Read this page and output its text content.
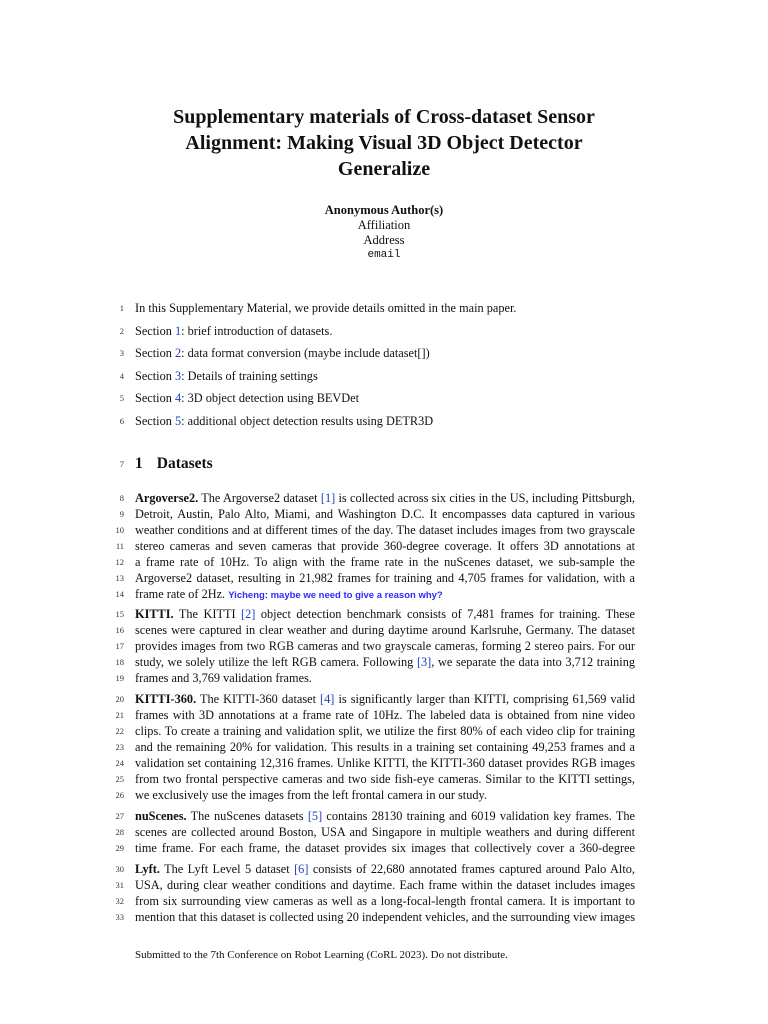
Supplementary materials of Cross-dataset Sensor
Alignment: Making Visual 3D Object Detector
Generalize
Anonymous Author(s)
Affiliation
Address
email
1
2
3
4
5
6
7
8
9
10
11
12
13
14
15
16
17
18
19
20
21
22
23
24
25
26
27
28
29
30
31
32
33
In this Supplementary Material, we provide details omitted in the main paper.
Section 1: brief introduction of datasets.
Section 2: data format conversion (maybe include dataset[])
Section 3: Details of training settings
Section 4: 3D object detection using BEVDet
Section 5: additional object detection results using DETR3D
1 Datasets
Argoverse2. The Argoverse2 dataset [1] is collected across six cities in the US, including Pittsburgh,
Detroit, Austin, Palo Alto, Miami, and Washington D.C. It encompasses data captured in various
weather conditions and at different times of the day. The dataset includes images from two grayscale
stereo cameras and seven cameras that provide 360-degree coverage. It offers 3D annotations at
a frame rate of 10Hz. To align with the frame rate in the nuScenes dataset, we sub-sample the
Argoverse2 dataset, resulting in 21,982 frames for training and 4,705 frames for validation, with a
frame rate of 2Hz. Yicheng: maybe we need to give a reason why?
KITTI. The KITTI [2] object detection benchmark consists of 7,481 frames for training. These
scenes were captured in clear weather and during daytime around Karlsruhe, Germany. The dataset
provides images from two RGB cameras and two grayscale cameras, forming 2 stereo pairs. For our
study, we solely utilize the left RGB camera. Following [3], we separate the data into 3,712 training
frames and 3,769 validation frames.
KITTI-360. The KITTI-360 dataset [4] is significantly larger than KITTI, comprising 61,569 valid
frames with 3D annotations at a frame rate of 10Hz. The labeled data is obtained from nine video
clips. To create a training and validation split, we utilize the first 80% of each video clip for training
and the remaining 20% for validation. This results in a training set containing 49,253 frames and a
validation set containing 12,316 frames. Unlike KITTI, the KITTI-360 dataset provides RGB images
from two frontal perspective cameras and two side fish-eye cameras. Similar to the KITTI settings,
we exclusively use the images from the left frontal camera in our study.
nuScenes. The nuScenes datasets [5] contains 28130 training and 6019 validation key frames. The
scenes are collected around Boston, USA and Singapore in multiple weathers and during different
time frame. For each frame, the dataset provides six images that collectively cover a 360-degree
Lyft. The Lyft Level 5 dataset [6] consists of 22,680 annotated frames captured around Palo Alto,
USA, during clear weather conditions and daytime. Each frame within the dataset includes images
from six surrounding view cameras as well as a long-focal-length frontal camera. It is important to
mention that this dataset is collected using 20 independent vehicles, and the surrounding view images
Submitted to the 7th Conference on Robot Learning (CoRL 2023). Do not distribute.
